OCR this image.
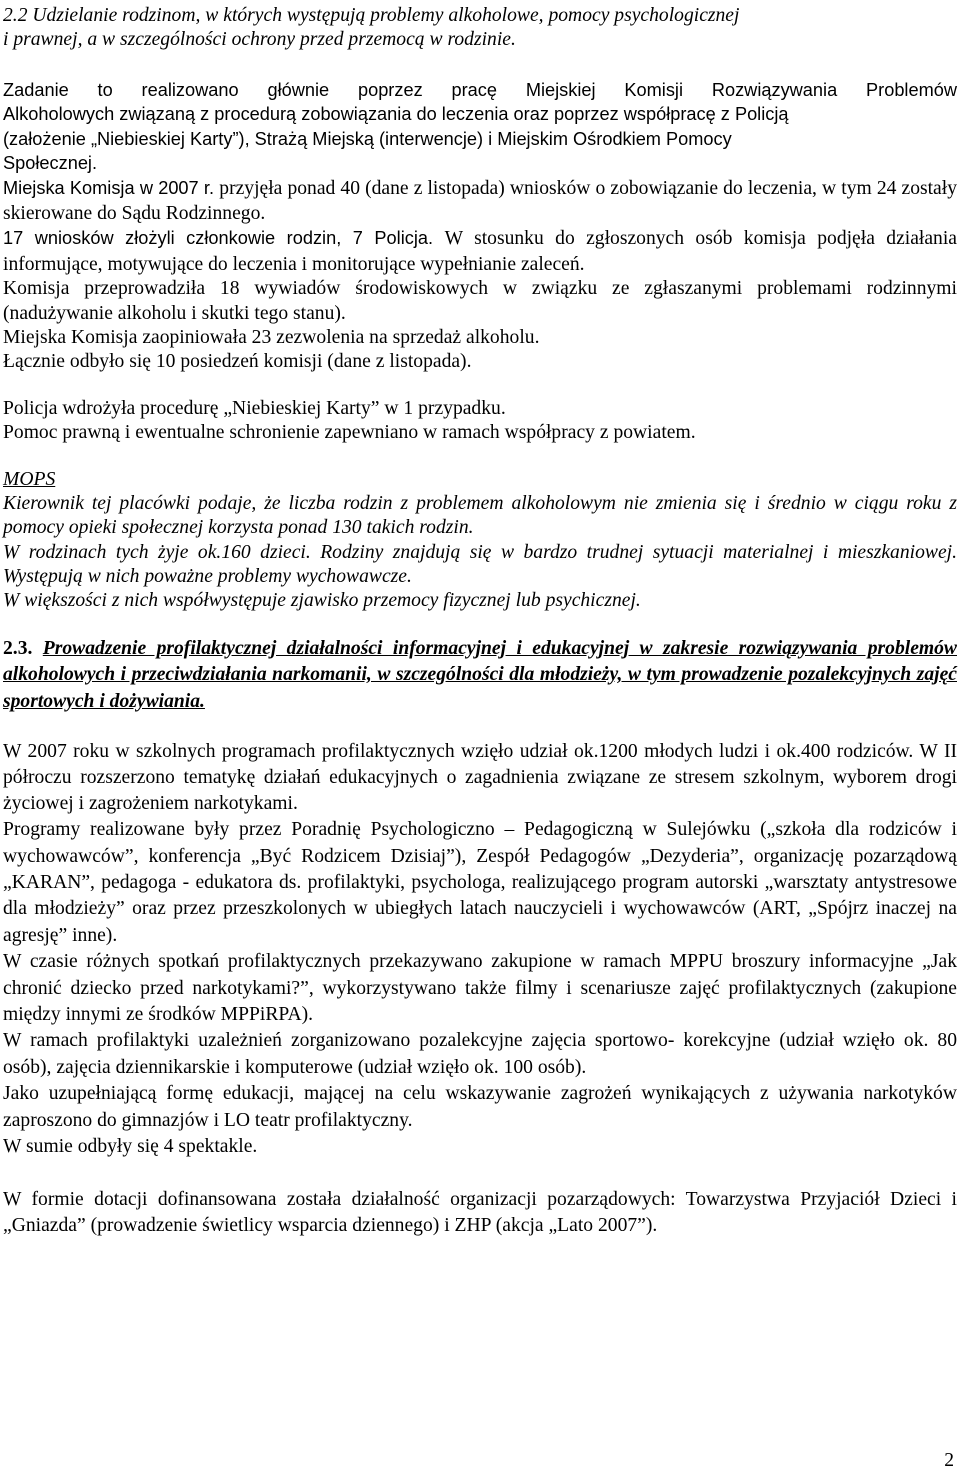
2.2 Udzielanie rodzinom, w których występują problemy alkoholowe, pomocy psychologicznej
i prawnej, a w szczególności ochrony przed przemocą w rodzinie.
Zadanie to realizowano głównie poprzez pracę Miejskiej Komisji Rozwiązywania Problemów
Alkoholowych związaną z procedurą zobowiązania do leczenia oraz poprzez współpracę z Policją
(założenie „Niebieskiej Karty”), Strażą Miejską (interwencje) i Miejskim Ośrodkiem Pomocy
Społecznej.

Miejska Komisja w 2007 r. przyjęła ponad 40 (dane z listopada) wniosków o zobowiązanie do leczenia, w tym 24 zostały skierowane do Sądu Rodzinnego.

17 wniosków złożyli członkowie rodzin, 7 Policja. W stosunku do zgłoszonych osób komisja podjęła działania informujące, motywujące do leczenia i monitorujące wypełnianie zaleceń.

Komisja przeprowadziła 18 wywiadów środowiskowych w związku ze zgłaszanymi problemami rodzinnymi (nadużywanie alkoholu i skutki tego stanu).

Miejska Komisja zaopiniowała 23 zezwolenia na sprzedaż alkoholu.

Łącznie odbyło się 10 posiedzeń komisji (dane z listopada).

Policja wdrożyła procedurę „Niebieskiej Karty” w 1 przypadku.

Pomoc prawną i ewentualne schronienie zapewniano w ramach współpracy z powiatem.

MOPS

Kierownik tej placówki podaje, że liczba rodzin z problemem alkoholowym nie zmienia się i średnio w ciągu roku z pomocy opieki społecznej korzysta ponad 130 takich rodzin.

W rodzinach tych żyje ok.160 dzieci. Rodziny znajdują się w bardzo trudnej sytuacji materialnej i mieszkaniowej. Występują w nich poważne problemy wychowawcze.

W większości z nich współwystępuje zjawisko przemocy fizycznej lub psychicznej.

2.3. Prowadzenie profilaktycznej działalności informacyjnej i edukacyjnej w zakresie rozwiązywania problemów alkoholowych i przeciwdziałania narkomanii, w szczególności dla młodzieży, w tym prowadzenie pozalekcyjnych zajęć sportowych i dożywiania.

W 2007 roku w szkolnych programach profilaktycznych wzięło udział ok.1200 młodych ludzi i ok.400 rodziców. W II półroczu rozszerzono tematykę działań edukacyjnych o zagadnienia związane ze stresem szkolnym, wyborem drogi życiowej i zagrożeniem narkotykami.

Programy realizowane były przez Poradnię Psychologiczno – Pedagogiczną w Sulejówku („szkoła dla rodziców i wychowawców”, konferencja „Być Rodzicem Dzisiaj”), Zespół Pedagogów „Dezyderia”, organizację pozarządową „KARAN”, pedagoga - edukatora ds. profilaktyki, psychologa, realizującego program autorski „warsztaty antystresowe dla młodzieży” oraz przez przeszkolonych w ubiegłych latach nauczycieli i wychowawców (ART, „Spójrz inaczej na agresję” inne).

W czasie różnych spotkań profilaktycznych przekazywano zakupione w ramach MPPU broszury informacyjne „Jak chronić dziecko przed narkotykami?”, wykorzystywano także filmy i scenariusze zajęć profilaktycznych (zakupione między innymi ze środków MPPiRPA).

W ramach profilaktyki uzależnień zorganizowano pozalekcyjne zajęcia sportowo- korekcyjne (udział wzięło ok. 80 osób), zajęcia dziennikarskie i komputerowe (udział wzięło ok. 100 osób).

Jako uzupełniającą formę edukacji, mającej na celu wskazywanie zagrożeń wynikających z używania narkotyków zaproszono do gimnazjów i LO teatr profilaktyczny.

W sumie odbyły się 4 spektakle.

W formie dotacji dofinansowana została działalność organizacji pozarządowych: Towarzystwa Przyjaciół Dzieci i „Gniazda” (prowadzenie świetlicy wsparcia dziennego) i ZHP (akcja „Lato 2007”).

2
